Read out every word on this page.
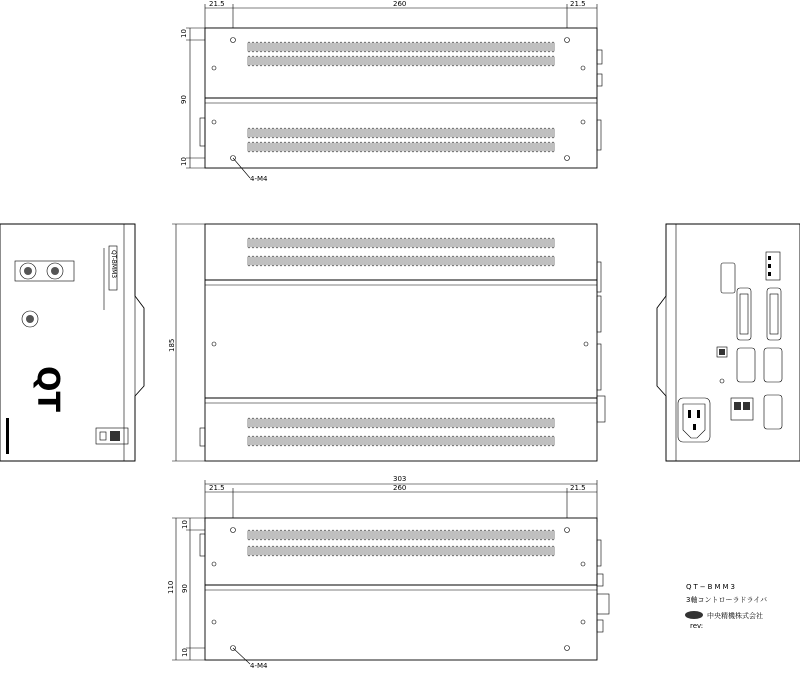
21.5	260	21.5
10
90
10
4-M4
185
QT-BMM3
QT
303
21.5	260	21.5
10
90
10
110
4-M4
QT−BMM3
3軸コントローラドライバ
中央精機株式会社
rev:
